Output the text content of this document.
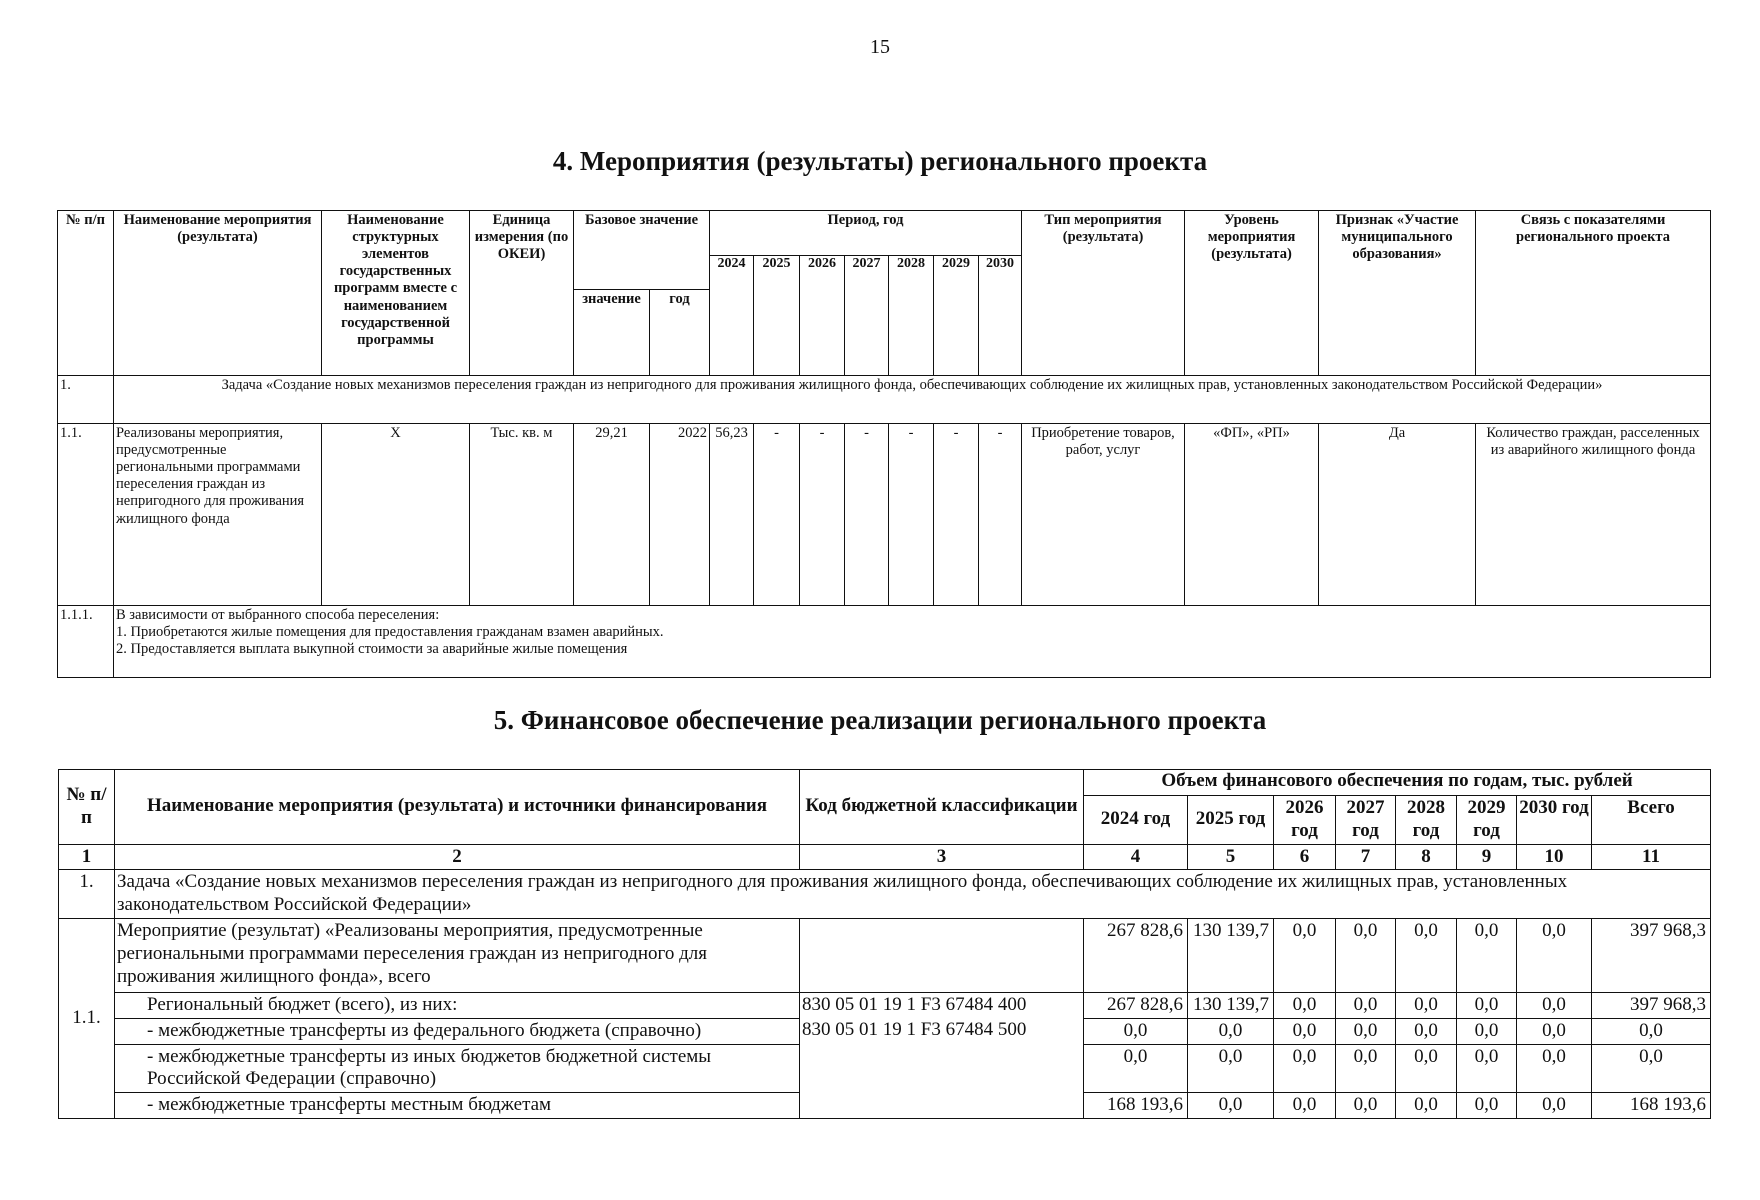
15
4. Мероприятия (результаты) регионального проекта
№ п/п	Наименование мероприятия (результата)	Наименование структурных элементов государственных программ вместе с наименованием государственной программы	Единица измерения (по ОКЕИ)	Базовое значение		Период, год							Тип мероприятия (результата)	Уровень мероприятия (результата)	Признак «Участие муниципального образования»	Связь с показателями регионального проекта
						2024	2025	2026	2027	2028	2029	2030				
				значение	год											
1.	Задача «Создание новых механизмов переселения граждан из непригодного для проживания жилищного фонда, обеспечивающих соблюдение их жилищных прав, установленных законодательством Российской Федерации»															
1.1.	Реализованы мероприятия, предусмотренные региональными программами переселения граждан из непригодного для проживания жилищного фонда	X	Тыс. кв. м	29,21	2022	56,23	-	-	-	-	-	-	Приобретение товаров, работ, услуг	«ФП», «РП»	Да	Количество граждан, расселенных из аварийного жилищного фонда
1.1.1.	В зависимости от выбранного способа переселения:
1. Приобретаются жилые помещения для предоставления гражданам взамен аварийных.
2. Предоставляется выплата выкупной стоимости за аварийные жилые помещения															
5. Финансовое обеспечение реализации регионального проекта
№ п/п	Наименование мероприятия (результата) и источники финансирования	Код бюджетной классификации	Объем финансового обеспечения по годам, тыс. рублей							
			2024 год	2025 год	2026 год	2027 год	2028 год	2029 год	2030 год	Всего
1	2	3	4	5	6	7	8	9	10	11
1.	Задача «Создание новых механизмов переселения граждан из непригодного для проживания жилищного фонда, обеспечивающих соблюдение их жилищных прав, установленных законодательством Российской Федерации»									
1.1.	Мероприятие (результат) «Реализованы мероприятия, предусмотренные региональными программами переселения граждан из непригодного для проживания жилищного фонда», всего		267 828,6	130 139,7	0,0	0,0	0,0	0,0	0,0	397 968,3
	Региональный бюджет (всего), из них:	830 05 01 19 1 F3 67484 400	267 828,6	130 139,7	0,0	0,0	0,0	0,0	0,0	397 968,3
	- межбюджетные трансферты из федерального бюджета (справочно)	830 05 01 19 1 F3 67484 500	0,0	0,0	0,0	0,0	0,0	0,0	0,0	0,0
	- межбюджетные трансферты из иных бюджетов бюджетной системы Российской Федерации (справочно)		0,0	0,0	0,0	0,0	0,0	0,0	0,0	0,0
	- межбюджетные трансферты местным бюджетам		168 193,6	0,0	0,0	0,0	0,0	0,0	0,0	168 193,6
